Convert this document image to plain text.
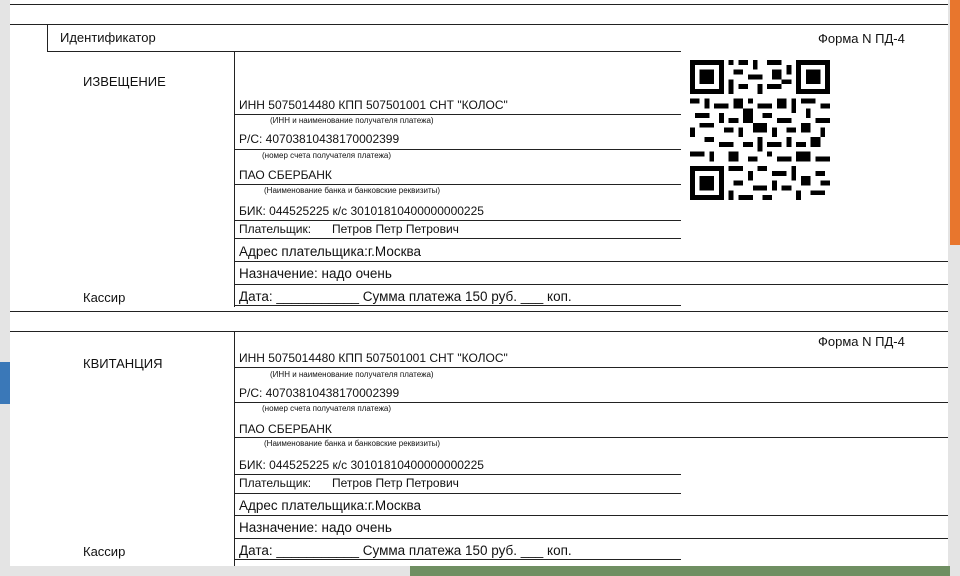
Идентификатор	Форма N ПД-4
ИЗВЕЩЕНИЕ
ИНН 5075014480 КПП 507501001 СНТ "КОЛОС"
(ИНН и наименование получателя платежа)
Р/С: 40703810438170002399
(номер счета получателя платежа)
ПАО СБЕРБАНК
(Наименование банка и банковские реквизиты)
БИК: 044525225 к/с 30101810400000000225
Плательщик: Петров Петр Петрович
Адрес плательщика:г.Москва
Назначение: надо очень
Дата: ___________ Сумма платежа 150 руб. ___ коп.
Кассир
КВИТАНЦИЯ
Форма N ПД-4
ИНН 5075014480 КПП 507501001 СНТ "КОЛОС"
(ИНН и наименование получателя платежа)
Р/С: 40703810438170002399
(номер счета получателя платежа)
ПАО СБЕРБАНК
(Наименование банка и банковские реквизиты)
БИК: 044525225 к/с 30101810400000000225
Плательщик: Петров Петр Петрович
Адрес плательщика:г.Москва
Назначение: надо очень
Дата: ___________ Сумма платежа 150 руб. ___ коп.
Кассир
